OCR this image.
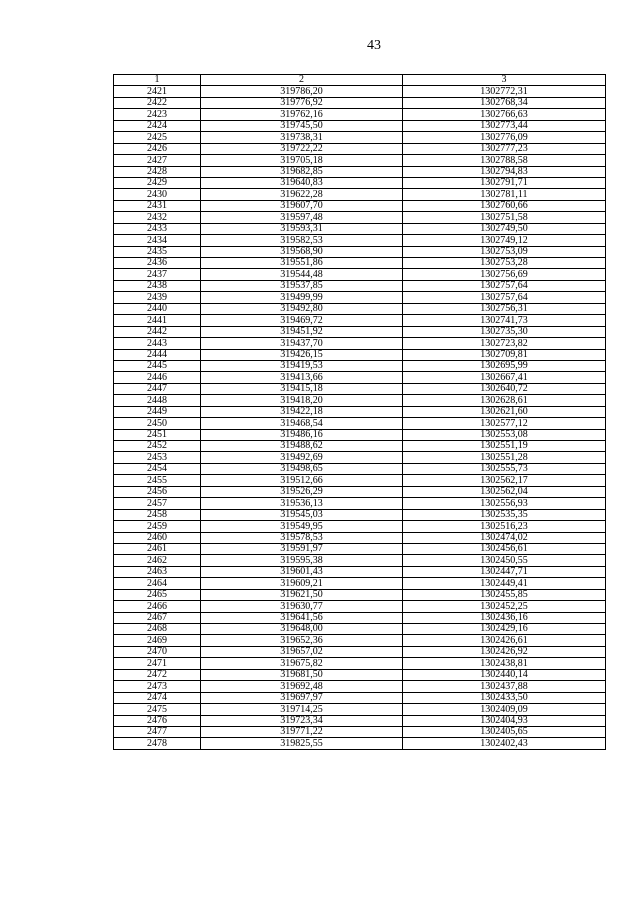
43
1	2	3
2421	319786,20	1302772,31
2422	319776,92	1302768,34
2423	319762,16	1302766,63
2424	319745,50	1302773,44
2425	319738,31	1302776,09
2426	319722,22	1302777,23
2427	319705,18	1302788,58
2428	319682,85	1302794,83
2429	319640,83	1302791,71
2430	319622,28	1302781,11
2431	319607,70	1302760,66
2432	319597,48	1302751,58
2433	319593,31	1302749,50
2434	319582,53	1302749,12
2435	319568,90	1302753,09
2436	319551,86	1302753,28
2437	319544,48	1302756,69
2438	319537,85	1302757,64
2439	319499,99	1302757,64
2440	319492,80	1302756,31
2441	319469,72	1302741,73
2442	319451,92	1302735,30
2443	319437,70	1302723,82
2444	319426,15	1302709,81
2445	319419,53	1302695,99
2446	319413,66	1302667,41
2447	319415,18	1302640,72
2448	319418,20	1302628,61
2449	319422,18	1302621,60
2450	319468,54	1302577,12
2451	319486,16	1302553,08
2452	319488,62	1302551,19
2453	319492,69	1302551,28
2454	319498,65	1302555,73
2455	319512,66	1302562,17
2456	319526,29	1302562,04
2457	319536,13	1302556,93
2458	319545,03	1302535,35
2459	319549,95	1302516,23
2460	319578,53	1302474,02
2461	319591,97	1302456,61
2462	319595,38	1302450,55
2463	319601,43	1302447,71
2464	319609,21	1302449,41
2465	319621,50	1302455,85
2466	319630,77	1302452,25
2467	319641,56	1302436,16
2468	319648,00	1302429,16
2469	319652,36	1302426,61
2470	319657,02	1302426,92
2471	319675,82	1302438,81
2472	319681,50	1302440,14
2473	319692,48	1302437,88
2474	319697,97	1302433,50
2475	319714,25	1302409,09
2476	319723,34	1302404,93
2477	319771,22	1302405,65
2478	319825,55	1302402,43
